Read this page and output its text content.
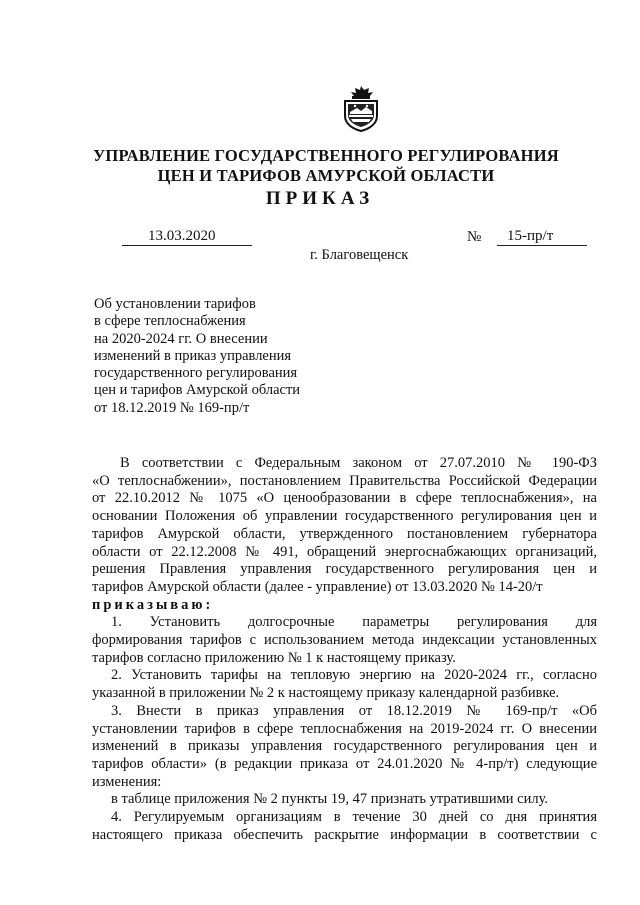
УПРАВЛЕНИЕ ГОСУДАРСТВЕННОГО РЕГУЛИРОВАНИЯ
ЦЕН И ТАРИФОВ АМУРСКОЙ ОБЛАСТИ
ПРИКАЗ
13.03.2020	№	15-пр/т
г. Благовещенск
Об установлении тарифов
в сфере теплоснабжения
на 2020-2024 гг. О внесении
изменений в приказ управления
государственного регулирования
цен и тарифов Амурской области
от 18.12.2019 № 169-пр/т
В соответствии с Федеральным законом от 27.07.2010 № 190-ФЗ
«О теплоснабжении», постановлением Правительства Российской Федерации
от 22.10.2012 № 1075 «О ценообразовании в сфере теплоснабжения», на
основании Положения об управлении государственного регулирования цен и
тарифов Амурской области, утвержденного постановлением губернатора
области от 22.12.2008 № 491, обращений энергоснабжающих организаций,
решения Правления управления государственного регулирования цен и
тарифов Амурской области (далее - управление) от 13.03.2020 № 14-20/т
приказываю:
1. Установить долгосрочные параметры регулирования для
формирования тарифов с использованием метода индексации установленных
тарифов согласно приложению № 1 к настоящему приказу.
2. Установить тарифы на тепловую энергию на 2020-2024 гг., согласно
указанной в приложении № 2 к настоящему приказу календарной разбивке.
3. Внести в приказ управления от 18.12.2019 № 169-пр/т «Об
установлении тарифов в сфере теплоснабжения на 2019-2024 гг. О внесении
изменений в приказы управления государственного регулирования цен и
тарифов области» (в редакции приказа от 24.01.2020 № 4-пр/т) следующие
изменения:
в таблице приложения № 2 пункты 19, 47 признать утратившими силу.
4. Регулируемым организациям в течение 30 дней со дня принятия
настоящего приказа обеспечить раскрытие информации в соответствии с
